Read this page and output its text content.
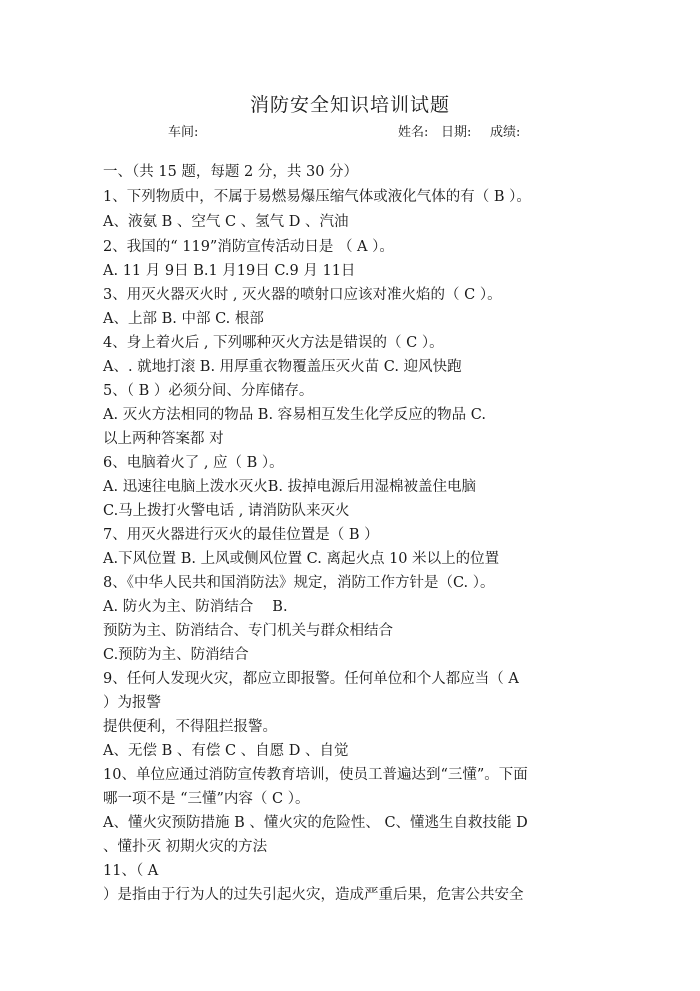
消防安全知识培训试题
车间:	姓名: 日期: 成绩:
一、（共 15 题，每题 2 分，共 30 分）
1、下列物质中，不属于易燃易爆压缩气体或液化气体的有（ B ）。
A、液氨 B 、空气 C 、氢气 D 、汽油
2、我国的“ 119”消防宣传活动日是 （ A ）。
A. 11 月 9日 B.1 月19日 C.9 月 11日
3、用灭火器灭火时 , 灭火器的喷射口应该对准火焰的（ C ）。
A、上部 B. 中部 C. 根部
4、身上着火后 , 下列哪种灭火方法是错误的（ C ）。
A、. 就地打滚 B. 用厚重衣物覆盖压灭火苗 C. 迎风快跑
5、（ B ）必须分间、分库储存。
A. 灭火方法相同的物品 B. 容易相互发生化学反应的物品 C.
以上两种答案都 对
6、电脑着火了 , 应（ B ）。
A. 迅速往电脑上泼水灭火B. 拔掉电源后用湿棉被盖住电脑
C.马上拨打火警电话 , 请消防队来灭火
7、用灭火器进行灭火的最佳位置是（ B ）
A.下风位置 B. 上风或侧风位置 C. 离起火点 10 米以上的位置
8、《中华人民共和国消防法》规定，消防工作方针是（C. ）。
A. 防火为主、防消结合 　B.
预防为主、防消结合、专门机关与群众相结合
C.预防为主、防消结合
9、任何人发现火灾，都应立即报警。任何单位和个人都应当（ A
）为报警
提供便利，不得阻拦报警。
A、无偿 B 、有偿 C 、自愿 D 、自觉
10、单位应通过消防宣传教育培训，使员工普遍达到“三懂”。下面
哪一项不是 “三懂”内容（ C ）。
A、懂火灾预防措施 B 、懂火灾的危险性、 C、懂逃生自救技能 D
、懂扑灭 初期火灾的方法
11、（ A
）是指由于行为人的过失引起火灾，造成严重后果，危害公共安全
